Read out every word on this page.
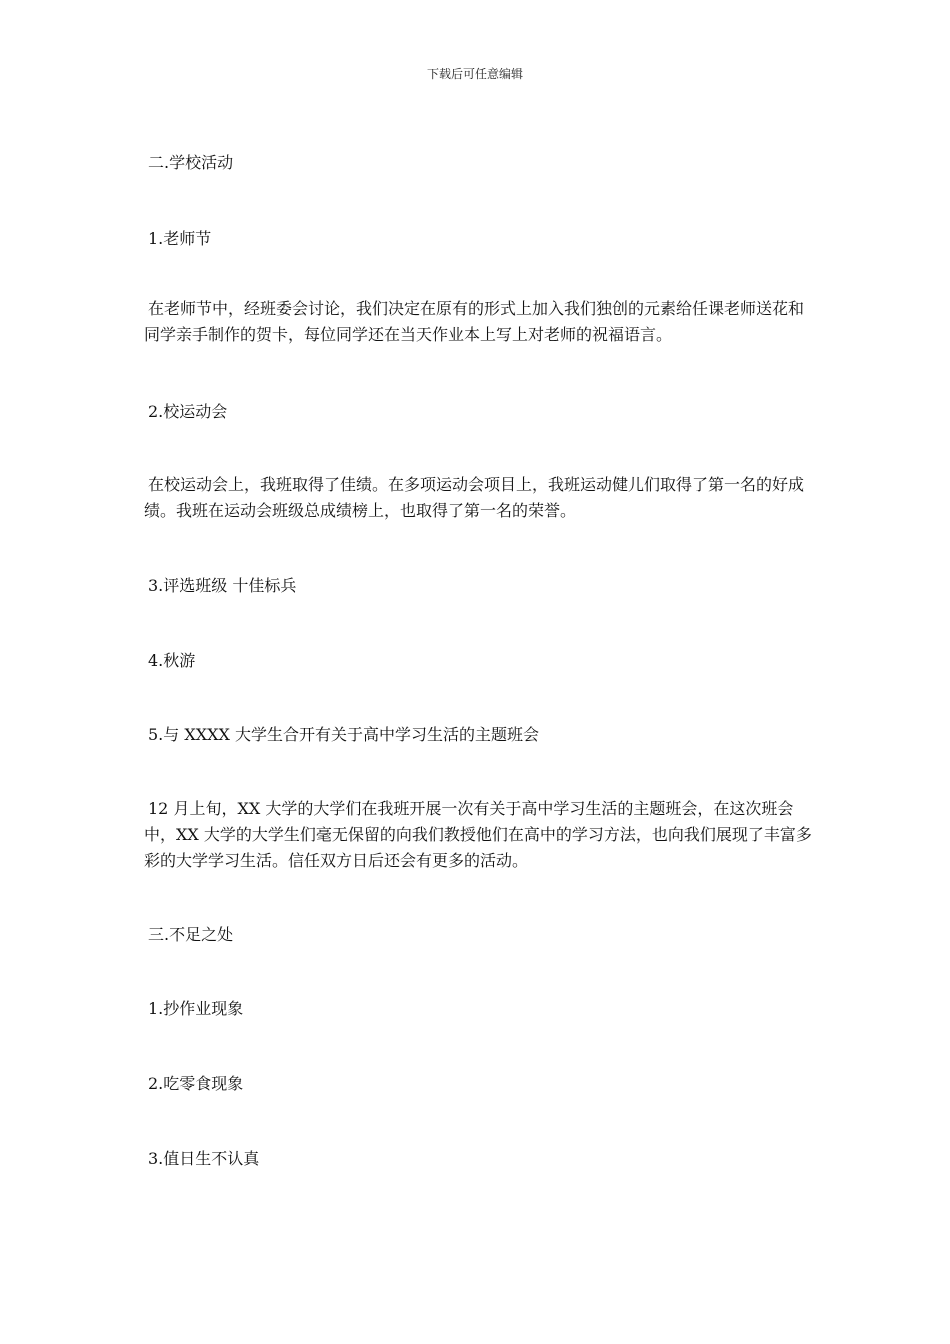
下载后可任意编辑
二.学校活动
1.老师节
在老师节中，经班委会讨论，我们决定在原有的形式上加入我们独创的元素给任课老师送花和同学亲手制作的贺卡，每位同学还在当天作业本上写上对老师的祝福语言。
2.校运动会
在校运动会上，我班取得了佳绩。在多项运动会项目上，我班运动健儿们取得了第一名的好成绩。我班在运动会班级总成绩榜上，也取得了第一名的荣誉。
3.评选班级 十佳标兵
4.秋游
5.与 XXXX 大学生合开有关于高中学习生活的主题班会
12 月上旬，XX 大学的大学们在我班开展一次有关于高中学习生活的主题班会，在这次班会中，XX 大学的大学生们毫无保留的向我们教授他们在高中的学习方法，也向我们展现了丰富多彩的大学学习生活。信任双方日后还会有更多的活动。
三.不足之处
1.抄作业现象
2.吃零食现象
3.值日生不认真
